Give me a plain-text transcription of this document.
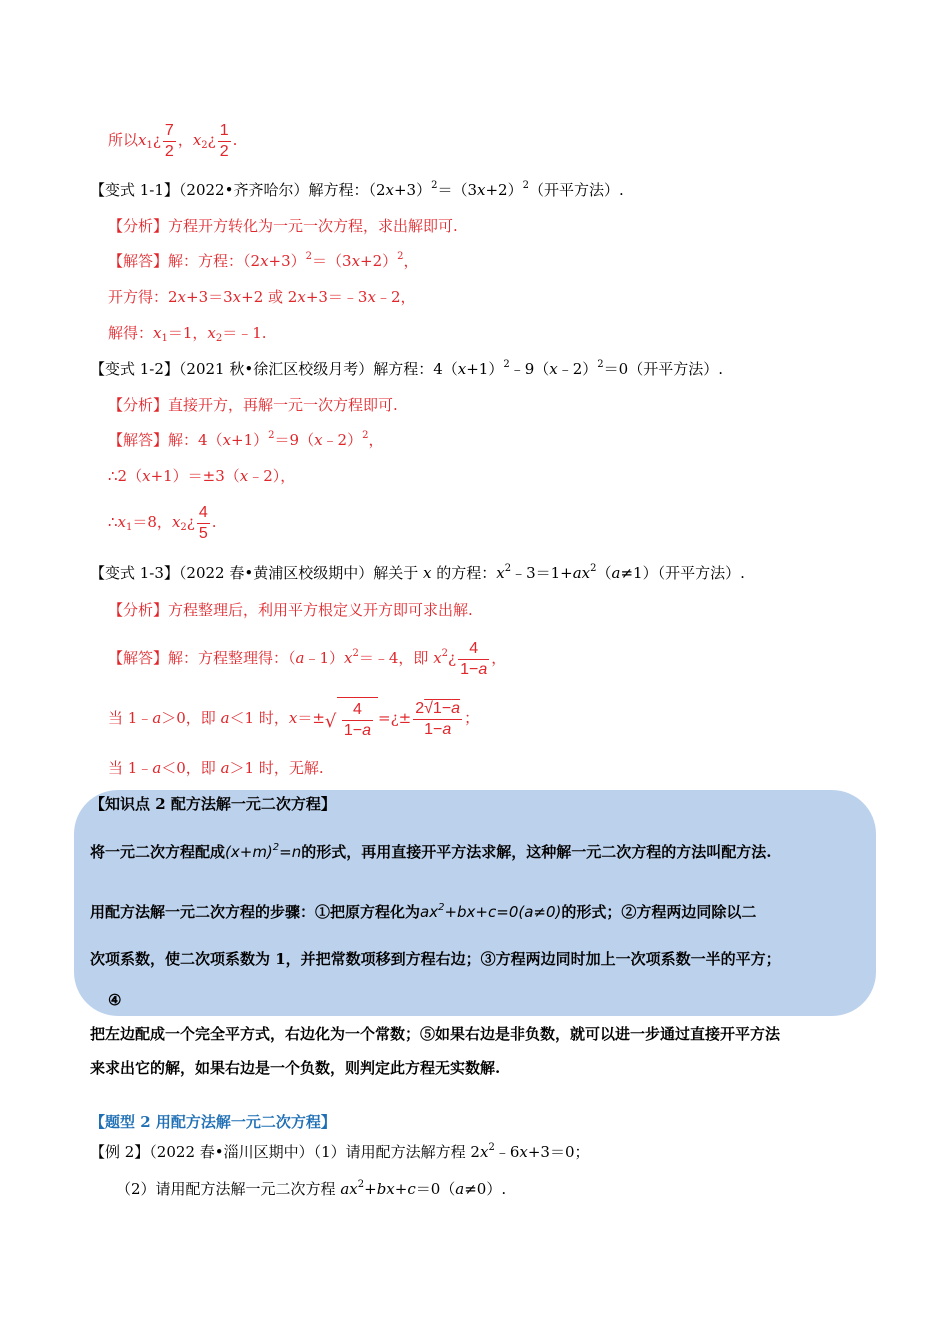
所以$x_1¿ \frac{7}{2}$ ，$x_2¿ \frac{1}{2}$ .
【变式 1-1】（2022•齐齐哈尔）解方程：$(2x+3)^2=(3x+2)^2$（开平方法）.
【分析】方程开方转化为一元一次方程，求出解即可.
【解答】解：方程：$(2x+3)^2=(3x+2)^2$，
开方得：2x+3＝3x+2 或 2x+3＝﹣3x﹣2，
解得：$x_1=1$，$x_2=﹣1$.
【变式 1-2】（2021 秋•徐汇区校级月考）解方程：$4(x+1)^2﹣9(x﹣2)^2=0$（开平方法）.
【分析】直接开方，再解一元一次方程即可.
【解答】解：$4(x+1)^2=9(x﹣2)^2$，
∴2（x+1）＝±3（x﹣2），
$\therefore x_1=8$，$x_2¿ \frac{4}{5}$ .
【变式 1-3】（2022 春•黄浦区校级期中）解关于 x 的方程：$x^2﹣3=1+ax^2(a\ne 1)$（开平方法）.
【分析】方程整理后，利用平方根定义开方即可求出解.
【解答】解：方程整理得：$(a﹣1)x^2=﹣4$，即 $x^2¿ \frac{4}{1-a}$ ，
当 1﹣a＞0，即 a＜1 时，x＝± √ $\frac{4}{1-a}$ =¿± $\frac{2√1-a}{1-a}$ ；
当 1﹣a＜0，即 a＞1 时，无解.
【知识点 2 配方法解一元二次方程】
将一元二次方程配成$(x+m)^2=n$的形式，再用直接开平方法求解，这种解一元二次方程的方法叫配方法.
用配方法解一元二次方程的步骤：①把原方程化为$ax^2+bx+c=0(a\ne 0)$的形式；②方程两边同除以二
次项系数，使二次项系数为 1，并把常数项移到方程右边；③方程两边同时加上一次项系数一半的平方；
④
把左边配成一个完全平方式，右边化为一个常数；⑤如果右边是非负数，就可以进一步通过直接开平方法
来求出它的解，如果右边是一个负数，则判定此方程无实数解.
【题型 2 用配方法解一元二次方程】
【例 2】（2022 春•淄川区期中）（1）请用配方法解方程 $2x^2﹣6x+3=0$；
（2）请用配方法解一元二次方程 $ax^2+bx+c=0(a\ne 0)$.
